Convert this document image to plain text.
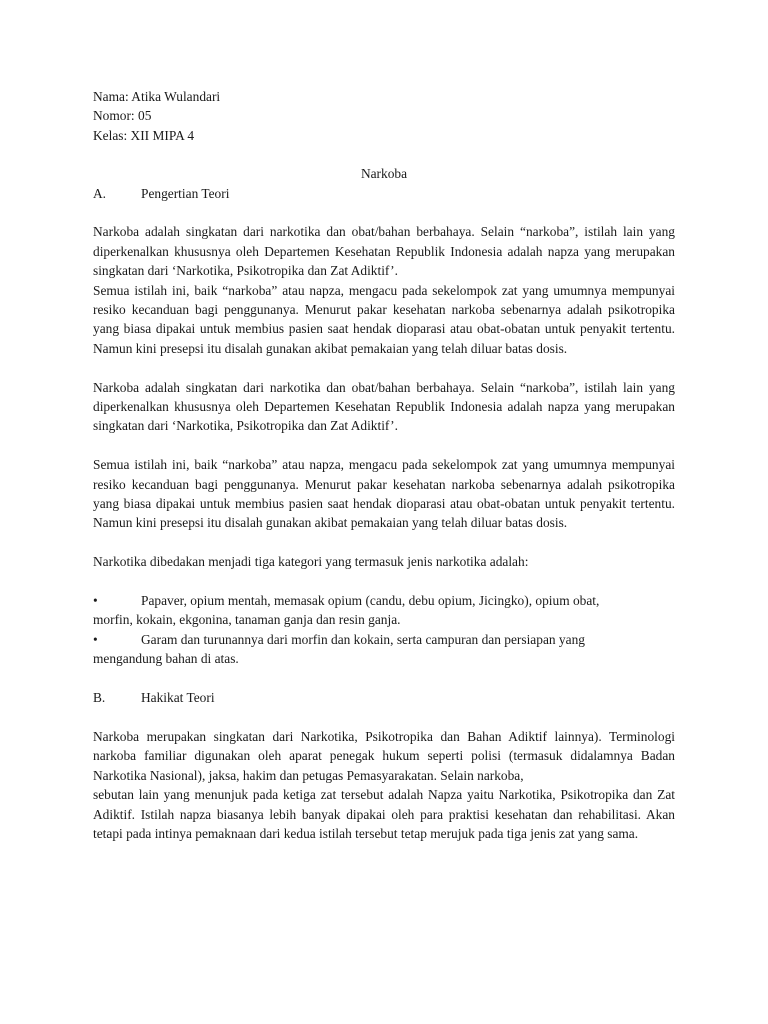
Nama: Atika Wulandari
Nomor: 05
Kelas: XII MIPA 4
Narkoba
A.	Pengertian Teori
Narkoba adalah singkatan dari narkotika dan obat/bahan berbahaya. Selain “narkoba”, istilah lain yang diperkenalkan khususnya oleh Departemen Kesehatan Republik Indonesia adalah napza yang merupakan singkatan dari ‘Narkotika, Psikotropika dan Zat Adiktif’.
Semua istilah ini, baik “narkoba” atau napza, mengacu pada sekelompok zat yang umumnya mempunyai resiko kecanduan bagi penggunanya. Menurut pakar kesehatan narkoba sebenarnya adalah psikotropika yang biasa dipakai untuk membius pasien saat hendak dioparasi atau obat-obatan untuk penyakit tertentu. Namun kini presepsi itu disalah gunakan akibat pemakaian yang telah diluar batas dosis.
Narkoba adalah singkatan dari narkotika dan obat/bahan berbahaya. Selain “narkoba”, istilah lain yang diperkenalkan khususnya oleh Departemen Kesehatan Republik Indonesia adalah napza yang merupakan singkatan dari ‘Narkotika, Psikotropika dan Zat Adiktif’.
Semua istilah ini, baik “narkoba” atau napza, mengacu pada sekelompok zat yang umumnya mempunyai resiko kecanduan bagi penggunanya. Menurut pakar kesehatan narkoba sebenarnya adalah psikotropika yang biasa dipakai untuk membius pasien saat hendak dioparasi atau obat-obatan untuk penyakit tertentu. Namun kini presepsi itu disalah gunakan akibat pemakaian yang telah diluar batas dosis.
Narkotika dibedakan menjadi tiga kategori yang termasuk jenis narkotika adalah:
•	Papaver, opium mentah, memasak opium (candu, debu opium, Jicingko), opium obat,
morfin, kokain, ekgonina, tanaman ganja dan resin ganja.
•	Garam dan turunannya dari morfin dan kokain, serta campuran dan persiapan yang
mengandung bahan di atas.
B.	Hakikat Teori
Narkoba merupakan singkatan dari Narkotika, Psikotropika dan Bahan Adiktif lainnya). Terminologi narkoba familiar digunakan oleh aparat penegak hukum seperti polisi (termasuk didalamnya Badan Narkotika Nasional), jaksa, hakim dan petugas Pemasyarakatan. Selain narkoba,
sebutan lain yang menunjuk pada ketiga zat tersebut adalah Napza yaitu Narkotika, Psikotropika dan Zat Adiktif. Istilah napza biasanya lebih banyak dipakai oleh para praktisi kesehatan dan rehabilitasi. Akan tetapi pada intinya pemaknaan dari kedua istilah tersebut tetap merujuk pada tiga jenis zat yang sama.
